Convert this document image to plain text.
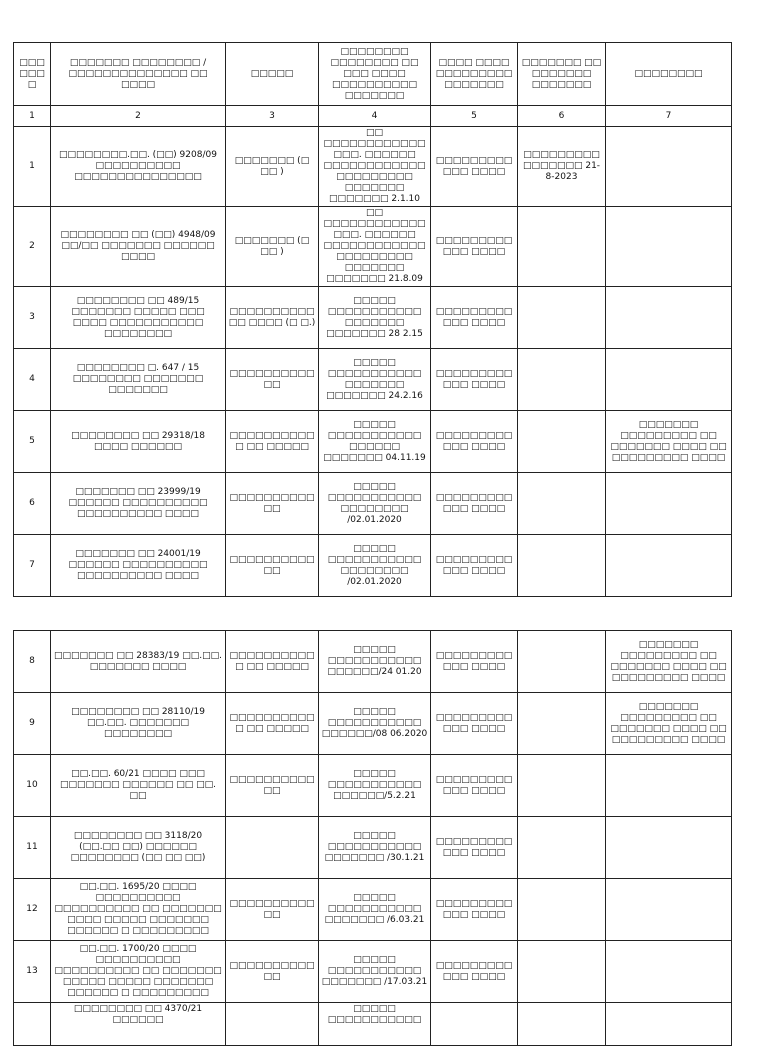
□□□□□□□	□□□□□□□ □□□□□□□□ / □□□□□□□□□□□□□□ □□ □□□□	□□□□□	□□□□□□□□ □□□□□□□□ □□ □□□ □□□□ □□□□□□□□□□ □□□□□□□	□□□□ □□□□ □□□□□□□□□ □□□□□□□	□□□□□□□ □□ □□□□□□□ □□□□□□□	□□□□□□□□
1	2	3	4	5	6	7
1	□□□□□□□□.□□. (□□) 9208/09 □□□□□□□□□□ □□□□□□□□□□□□□□□	□□□□□□□ (□ □□ )	□□ □□□□□□□□□□□□ □□□. □□□□□□ □□□□□□□□□□□□ □□□□□□□□□ □□□□□□□ □□□□□□□ 2.1.10	□□□□□□□□□□□□ □□□□	□□□□□□□□□ □□□□□□□ 21-8-2023	
2	□□□□□□□□ □□ (□□) 4948/09 □□/□□ □□□□□□□ □□□□□□ □□□□	□□□□□□□ (□ □□ )	□□ □□□□□□□□□□□□ □□□. □□□□□□ □□□□□□□□□□□□ □□□□□□□□□ □□□□□□□ □□□□□□□ 21.8.09	□□□□□□□□□□□□ □□□□		
3	□□□□□□□□ □□ 489/15 □□□□□□□ □□□□□ □□□ □□□□ □□□□□□□□□□□ □□□□□□□□	□□□□□□□□□□ □□ □□□□ (□ □.)	□□□□□ □□□□□□□□□□□ □□□□□□□ □□□□□□□ 28 2.15	□□□□□□□□□□□□ □□□□		
4	□□□□□□□□ □. 647 / 15 □□□□□□□□ □□□□□□□ □□□□□□□	□□□□□□□□□□□□	□□□□□ □□□□□□□□□□□ □□□□□□□ □□□□□□□ 24.2.16	□□□□□□□□□□□□ □□□□		
5	□□□□□□□□ □□ 29318/18 □□□□ □□□□□□	□□□□□□□□□□□ □□ □□□□□	□□□□□ □□□□□□□□□□□ □□□□□□ □□□□□□□ 04.11.19	□□□□□□□□□□□□ □□□□		□□□□□□□ □□□□□□□□□ □□ □□□□□□□ □□□□ □□ □□□□□□□□□ □□□□
6	□□□□□□□ □□ 23999/19 □□□□□□ □□□□□□□□□□ □□□□□□□□□□ □□□□	□□□□□□□□□□□□	□□□□□ □□□□□□□□□□□ □□□□□□□□ /02.01.2020	□□□□□□□□□□□□ □□□□		
7	□□□□□□□ □□ 24001/19 □□□□□□ □□□□□□□□□□ □□□□□□□□□□ □□□□	□□□□□□□□□□□□	□□□□□ □□□□□□□□□□□ □□□□□□□□ /02.01.2020	□□□□□□□□□□□□ □□□□		
8	□□□□□□□ □□ 28383/19 □□.□□. □□□□□□□ □□□□	□□□□□□□□□□□ □□ □□□□□	□□□□□ □□□□□□□□□□□ □□□□□□/24 01.20	□□□□□□□□□□□□ □□□□		□□□□□□□ □□□□□□□□□ □□ □□□□□□□ □□□□ □□ □□□□□□□□□ □□□□
9	□□□□□□□□ □□ 28110/19 □□.□□. □□□□□□□ □□□□□□□□	□□□□□□□□□□□ □□ □□□□□	□□□□□ □□□□□□□□□□□ □□□□□□/08 06.2020	□□□□□□□□□□□□ □□□□		□□□□□□□ □□□□□□□□□ □□ □□□□□□□ □□□□ □□ □□□□□□□□□ □□□□
10	□□.□□. 60/21 □□□□ □□□ □□□□□□□ □□□□□□ □□ □□. □□	□□□□□□□□□□□□	□□□□□ □□□□□□□□□□□ □□□□□□/5.2.21	□□□□□□□□□□□□ □□□□		
11	□□□□□□□□ □□ 3118/20 (□□.□□ □□) □□□□□□ □□□□□□□□ (□□ □□ □□)		□□□□□ □□□□□□□□□□□ □□□□□□□ /30.1.21	□□□□□□□□□□□□ □□□□		
12	□□.□□. 1695/20 □□□□ □□□□□□□□□□ □□□□□□□□□□ □□ □□□□□□□ □□□□ □□□□□ □□□□□□□ □□□□□□ □ □□□□□□□□□	□□□□□□□□□□□□	□□□□□ □□□□□□□□□□□ □□□□□□□ /6.03.21	□□□□□□□□□□□□ □□□□		
13	□□.□□. 1700/20 □□□□ □□□□□□□□□□ □□□□□□□□□□ □□ □□□□□□□ □□□□□ □□□□□ □□□□□□□ □□□□□□ □ □□□□□□□□□	□□□□□□□□□□□□	□□□□□ □□□□□□□□□□□ □□□□□□□ /17.03.21	□□□□□□□□□□□□ □□□□		
	□□□□□□□□ □□ 4370/21 □□□□□□		□□□□□ □□□□□□□□□□□			
